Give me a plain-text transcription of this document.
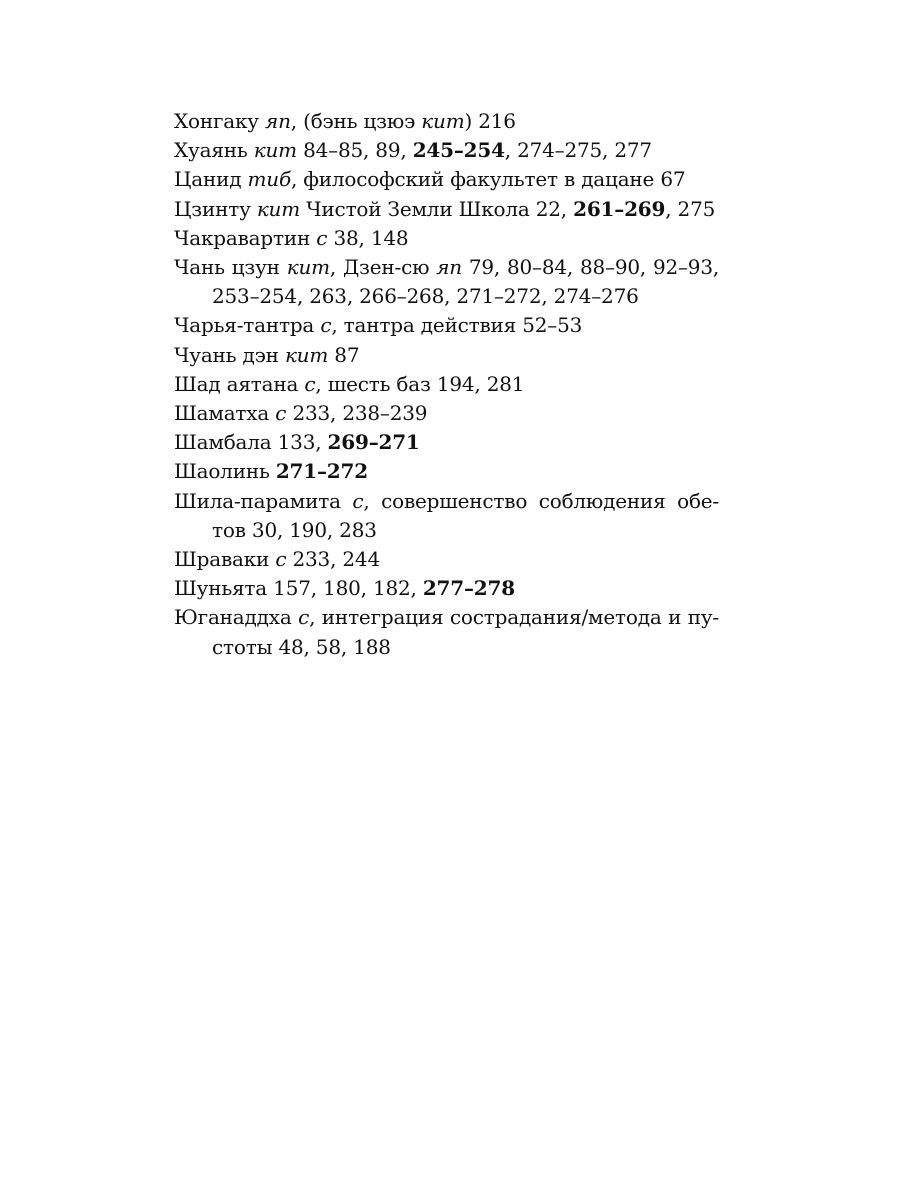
Хонгаку яп, (бэнь цзюэ кит) 216
Хуаянь кит 84–85, 89, 245–254, 274–275, 277
Цанид тиб, философский факультет в дацане 67
Цзинту кит Чистой Земли Школа 22, 261–269, 275
Чакравартин с 38, 148
Чань цзун кит, Дзен-сю яп 79, 80–84, 88–90, 92–93, 253–254, 263, 266–268, 271–272, 274–276
Чарья-тантра с, тантра действия 52–53
Чуань дэн кит 87
Шад аятана с, шесть баз 194, 281
Шаматха с 233, 238–239
Шамбала 133, 269–271
Шаолинь 271–272
Шила-парамита с, совершенство соблюдения обе-тов 30, 190, 283
Шраваки с 233, 244
Шуньята 157, 180, 182, 277–278
Юганаддха с, интеграция сострадания/метода и пу-стоты 48, 58, 188
